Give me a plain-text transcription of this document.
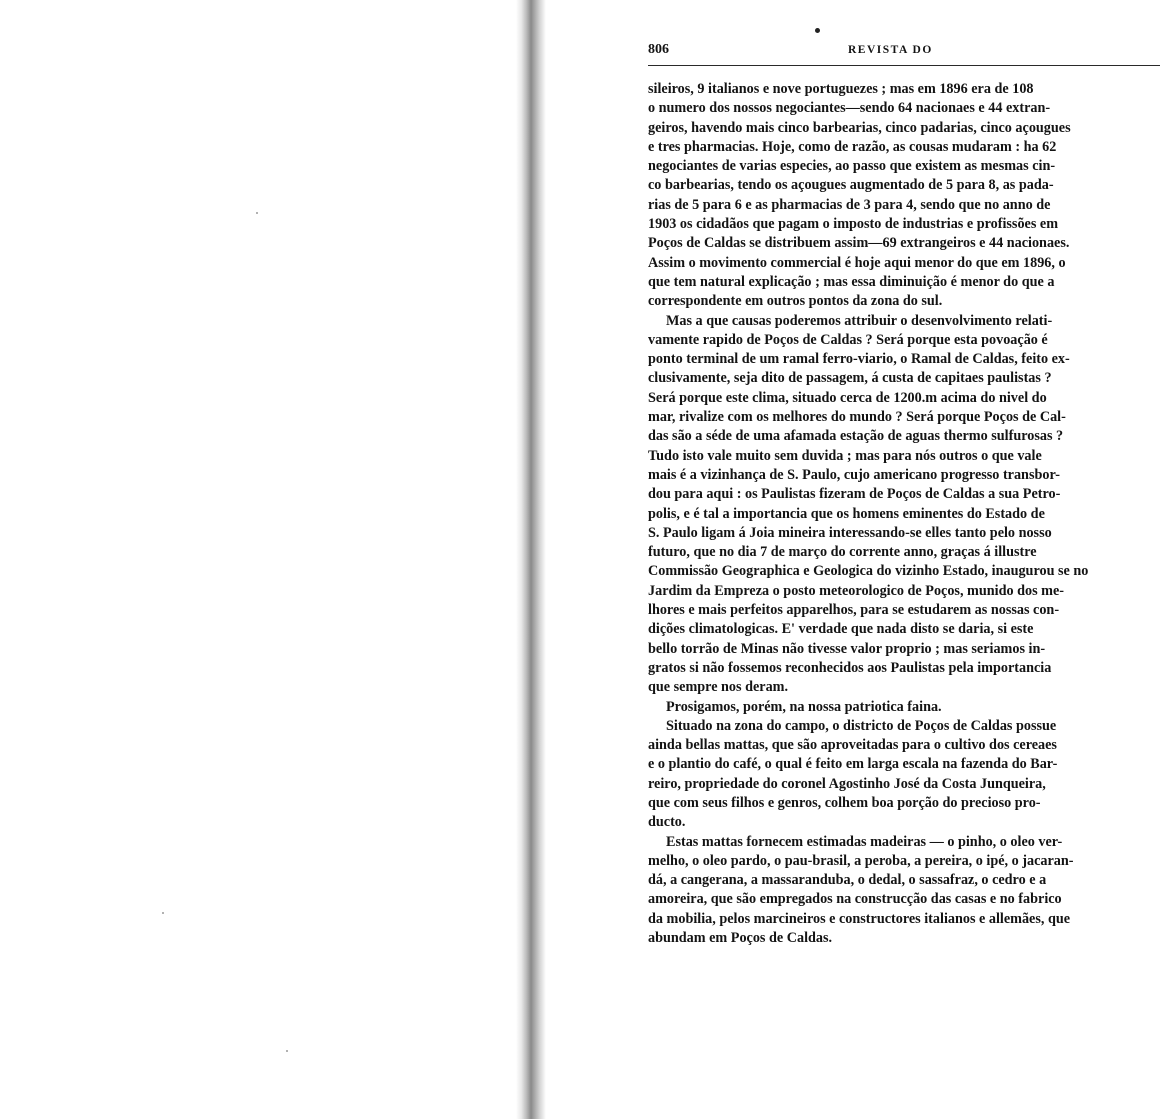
806	REVISTA DO

sileiros, 9 italianos e nove portuguezes ; mas em 1896 era de 108
o numero dos nossos negociantes—sendo 64 nacionaes e 44 extran-
geiros, havendo mais cinco barbearias, cinco padarias, cinco açougues
e tres pharmacias. Hoje, como de razão, as cousas mudaram : ha 62
negociantes de varias especies, ao passo que existem as mesmas cin-
co barbearias, tendo os açougues augmentado de 5 para 8, as pada-
rias de 5 para 6 e as pharmacias de 3 para 4, sendo que no anno de
1903 os cidadãos que pagam o imposto de industrias e profissões em
Poços de Caldas se distribuem assim—69 extrangeiros e 44 nacionaes.
Assim o movimento commercial é hoje aqui menor do que em 1896, o
que tem natural explicação ; mas essa diminuição é menor do que a
correspondente em outros pontos da zona do sul.

Mas a que causas poderemos attribuir o desenvolvimento relati-
vamente rapido de Poços de Caldas ? Será porque esta povoação é
ponto terminal de um ramal ferro-viario, o Ramal de Caldas, feito ex-
clusivamente, seja dito de passagem, á custa de capitaes paulistas ?
Será porque este clima, situado cerca de 1200.m acima do nivel do
mar, rivalize com os melhores do mundo ? Será porque Poços de Cal-
das são a séde de uma afamada estação de aguas thermo sulfurosas ?
Tudo isto vale muito sem duvida ; mas para nós outros o que vale
mais é a vizinhança de S. Paulo, cujo americano progresso transbor-
dou para aqui : os Paulistas fizeram de Poços de Caldas a sua Petro-
polis, e é tal a importancia que os homens eminentes do Estado de
S. Paulo ligam á Joia mineira interessando-se elles tanto pelo nosso
futuro, que no dia 7 de março do corrente anno, graças á illustre
Commissão Geographica e Geologica do vizinho Estado, inaugurou se no
Jardim da Empreza o posto meteorologico de Poços, munido dos me-
lhores e mais perfeitos apparelhos, para se estudarem as nossas con-
dições climatologicas. E' verdade que nada disto se daria, si este
bello torrão de Minas não tivesse valor proprio ; mas seriamos in-
gratos si não fossemos reconhecidos aos Paulistas pela importancia
que sempre nos deram.

Prosigamos, porém, na nossa patriotica faina.

Situado na zona do campo, o districto de Poços de Caldas possue
ainda bellas mattas, que são aproveitadas para o cultivo dos cereaes
e o plantio do café, o qual é feito em larga escala na fazenda do Bar-
reiro, propriedade do coronel Agostinho José da Costa Junqueira,
que com seus filhos e genros, colhem boa porção do precioso pro-
ducto.

Estas mattas fornecem estimadas madeiras — o pinho, o oleo ver-
melho, o oleo pardo, o pau-brasil, a peroba, a pereira, o ipé, o jacaran-
dá, a cangerana, a massaranduba, o dedal, o sassafraz, o cedro e a
amoreira, que são empregados na construcção das casas e no fabrico
da mobilia, pelos marcineiros e constructores italianos e allemães, que
abundam em Poços de Caldas.
